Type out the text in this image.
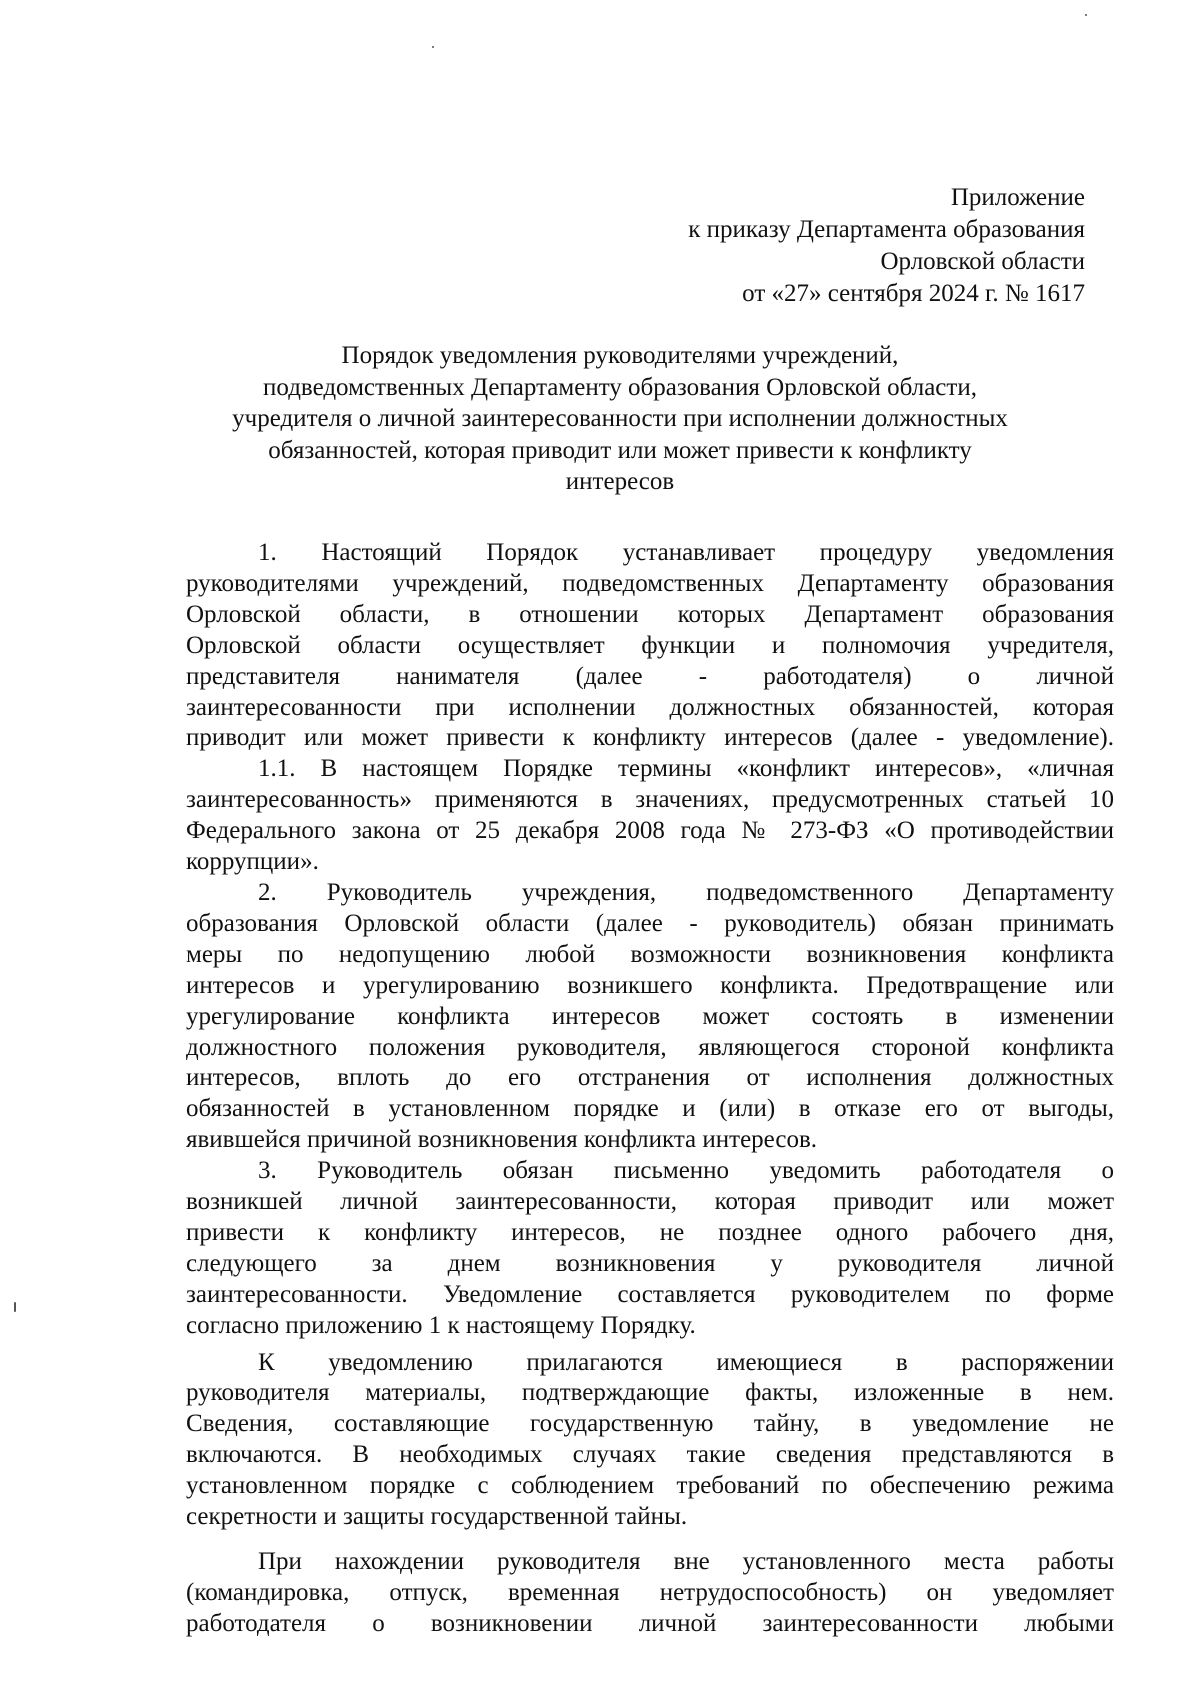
Приложение
к приказу Департамента образования
Орловской области
от «27» сентября 2024 г. № 1617
Порядок уведомления руководителями учреждений,
подведомственных Департаменту образования Орловской области,
учредителя о личной заинтересованности при исполнении должностных
обязанностей, которая приводит или может привести к конфликту
интересов
1. Настоящий Порядок устанавливает процедуру уведомления
руководителями учреждений, подведомственных Департаменту образования
Орловской области, в отношении которых Департамент образования
Орловской области осуществляет функции и полномочия учредителя,
представителя нанимателя (далее - работодателя) о личной
заинтересованности при исполнении должностных обязанностей, которая
приводит или может привести к конфликту интересов (далее - уведомление).
1.1. В настоящем Порядке термины «конфликт интересов», «личная
заинтересованность» применяются в значениях, предусмотренных статьей 10
Федерального закона от 25 декабря 2008 года № 273-ФЗ «О противодействии
коррупции».
2. Руководитель учреждения, подведомственного Департаменту
образования Орловской области (далее - руководитель) обязан принимать
меры по недопущению любой возможности возникновения конфликта
интересов и урегулированию возникшего конфликта. Предотвращение или
урегулирование конфликта интересов может состоять в изменении
должностного положения руководителя, являющегося стороной конфликта
интересов, вплоть до его отстранения от исполнения должностных
обязанностей в установленном порядке и (или) в отказе его от выгоды,
явившейся причиной возникновения конфликта интересов.
3. Руководитель обязан письменно уведомить работодателя о
возникшей личной заинтересованности, которая приводит или может
привести к конфликту интересов, не позднее одного рабочего дня,
следующего за днем возникновения у руководителя личной
заинтересованности. Уведомление составляется руководителем по форме
согласно приложению 1 к настоящему Порядку.
К уведомлению прилагаются имеющиеся в распоряжении
руководителя материалы, подтверждающие факты, изложенные в нем.
Сведения, составляющие государственную тайну, в уведомление не
включаются. В необходимых случаях такие сведения представляются в
установленном порядке с соблюдением требований по обеспечению режима
секретности и защиты государственной тайны.
При нахождении руководителя вне установленного места работы
(командировка, отпуск, временная нетрудоспособность) он уведомляет
работодателя о возникновении личной заинтересованности любыми
